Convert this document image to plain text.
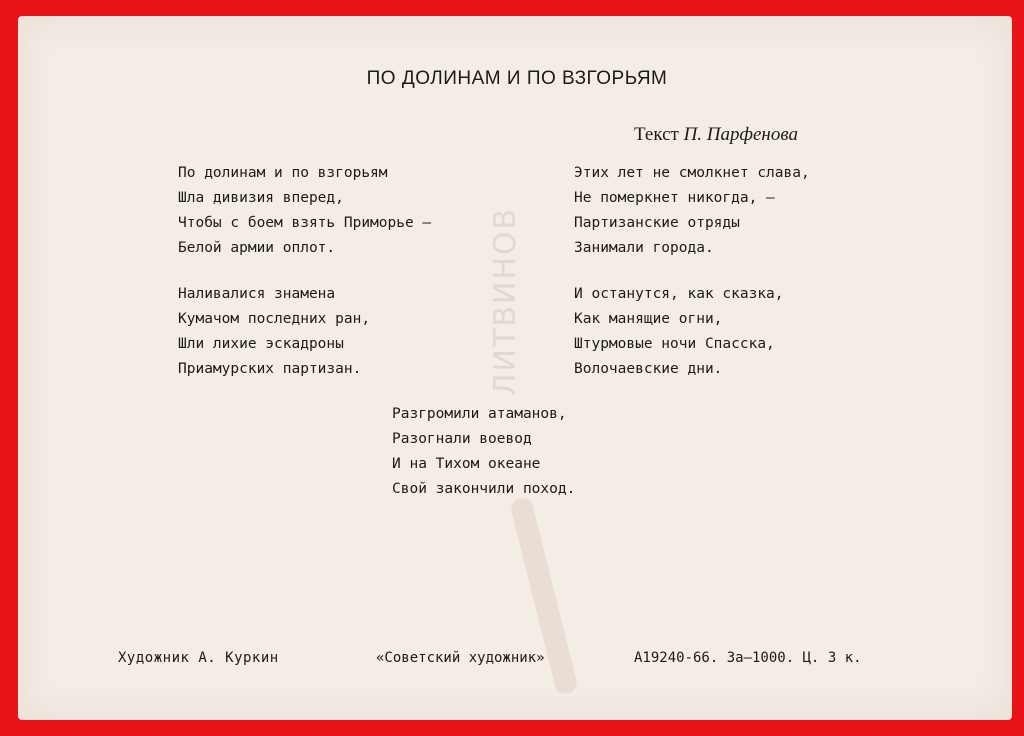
ЛИТВИНОВ
ПО ДОЛИНАМ И ПО ВЗГОРЬЯМ
Текст П. Парфенова
По долинам и по взгорьям
Шла дивизия вперед,
Чтобы с боем взять Приморье —
Белой армии оплот.
Наливалися знамена
Кумачом последних ран,
Шли лихие эскадроны
Приамурских партизан.
Этих лет не смолкнет слава,
Не померкнет никогда, —
Партизанские отряды
Занимали города.
И останутся, как сказка,
Как манящие огни,
Штурмовые ночи Спасска,
Волочаевские дни.
Разгромили атаманов,
Разогнали воевод
И на Тихом океане
Свой закончили поход.
Художник А. Куркин	«Советский художник»	А19240-66. За—1000. Ц. 3 к.
